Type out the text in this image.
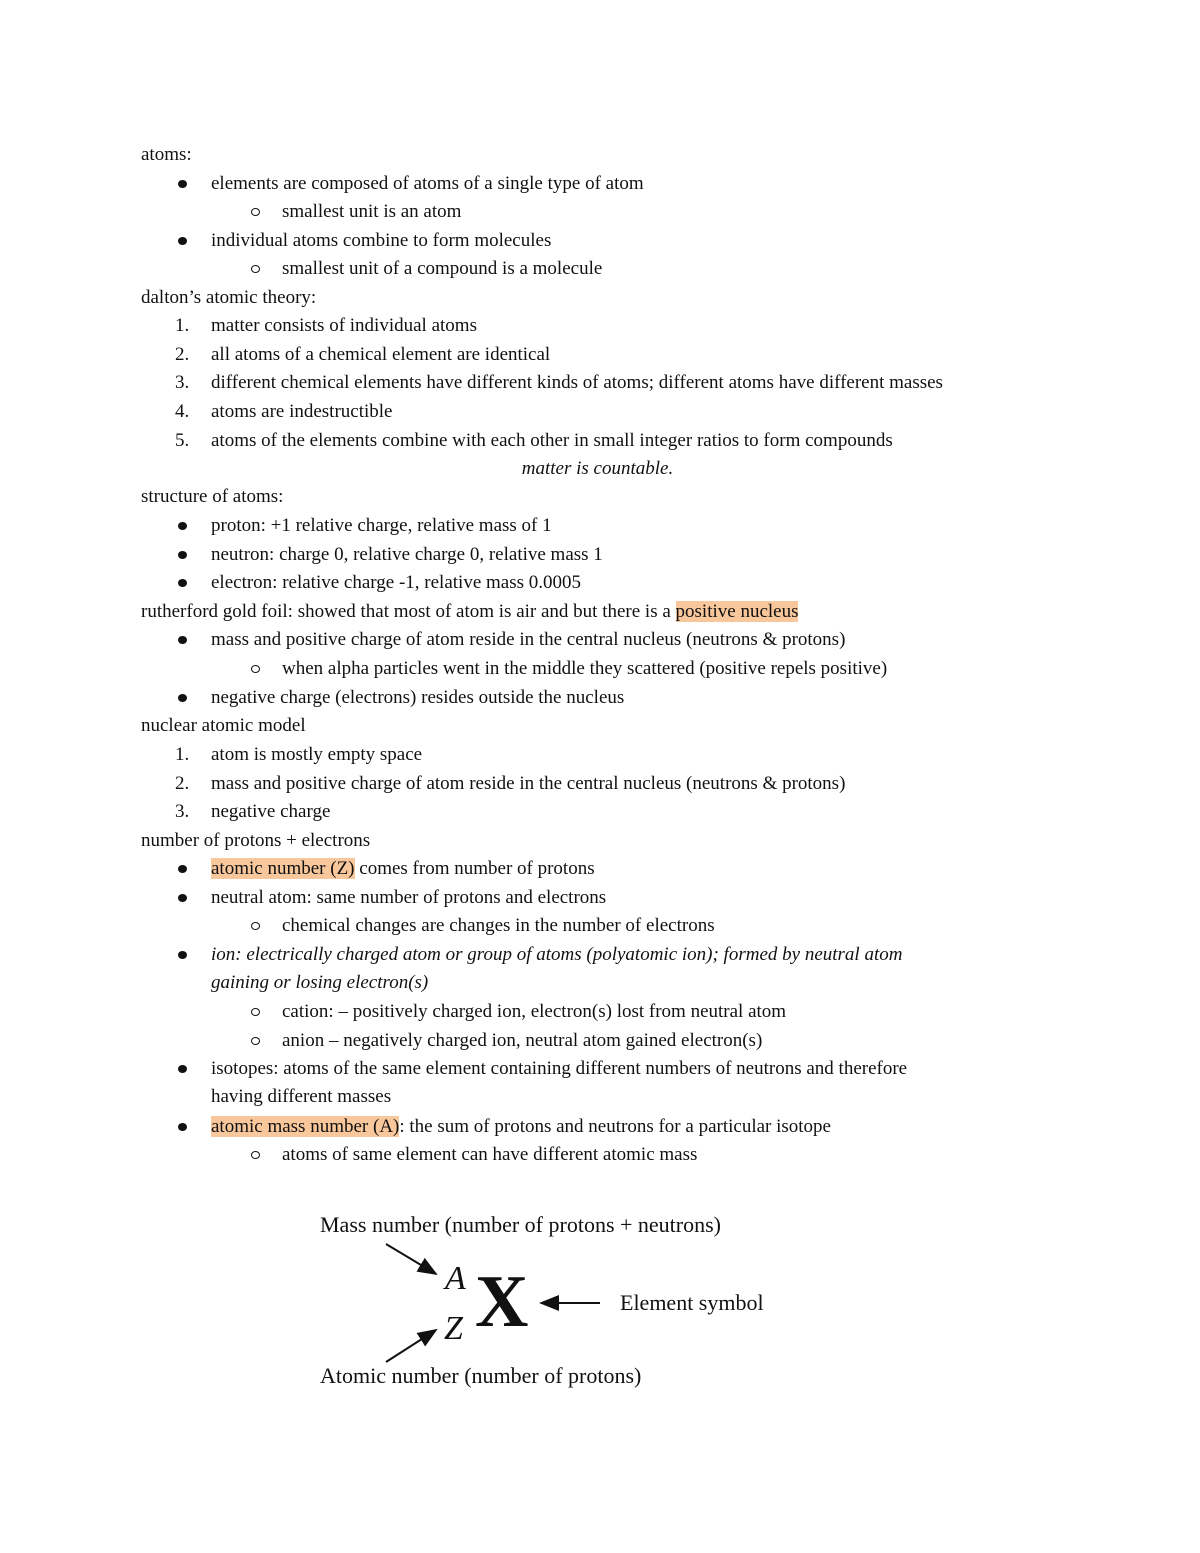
atoms:
elements are composed of atoms of a single type of atom
smallest unit is an atom
individual atoms combine to form molecules
smallest unit of a compound is a molecule
dalton’s atomic theory:
1.	matter consists of individual atoms
2.	all atoms of a chemical element are identical
3.	different chemical elements have different kinds of atoms; different atoms have different masses
4.	atoms are indestructible
5.	atoms of the elements combine with each other in small integer ratios to form compounds
matter is countable.
structure of atoms:
proton: +1 relative charge, relative mass of 1
neutron: charge 0, relative charge 0, relative mass 1
electron: relative charge -1, relative mass 0.0005
rutherford gold foil: showed that most of atom is air and but there is a positive nucleus
mass and positive charge of atom reside in the central nucleus (neutrons & protons)
when alpha particles went in the middle they scattered (positive repels positive)
negative charge (electrons) resides outside the nucleus
nuclear atomic model
1.	atom is mostly empty space
2.	mass and positive charge of atom reside in the central nucleus (neutrons & protons)
3.	negative charge
number of protons + electrons
atomic number (Z) comes from number of protons
neutral atom: same number of protons and electrons
chemical changes are changes in the number of electrons
ion: electrically charged atom or group of atoms (polyatomic ion); formed by neutral atom
gaining or losing electron(s)
cation: – positively charged ion, electron(s) lost from neutral atom
anion – negatively charged ion, neutral atom gained electron(s)
isotopes: atoms of the same element containing different numbers of neutrons and therefore
having different masses
atomic mass number (A): the sum of protons and neutrons for a particular isotope
atoms of same element can have different atomic mass
Mass number (number of protons + neutrons)
A
Z X	Element symbol
Atomic number (number of protons)
